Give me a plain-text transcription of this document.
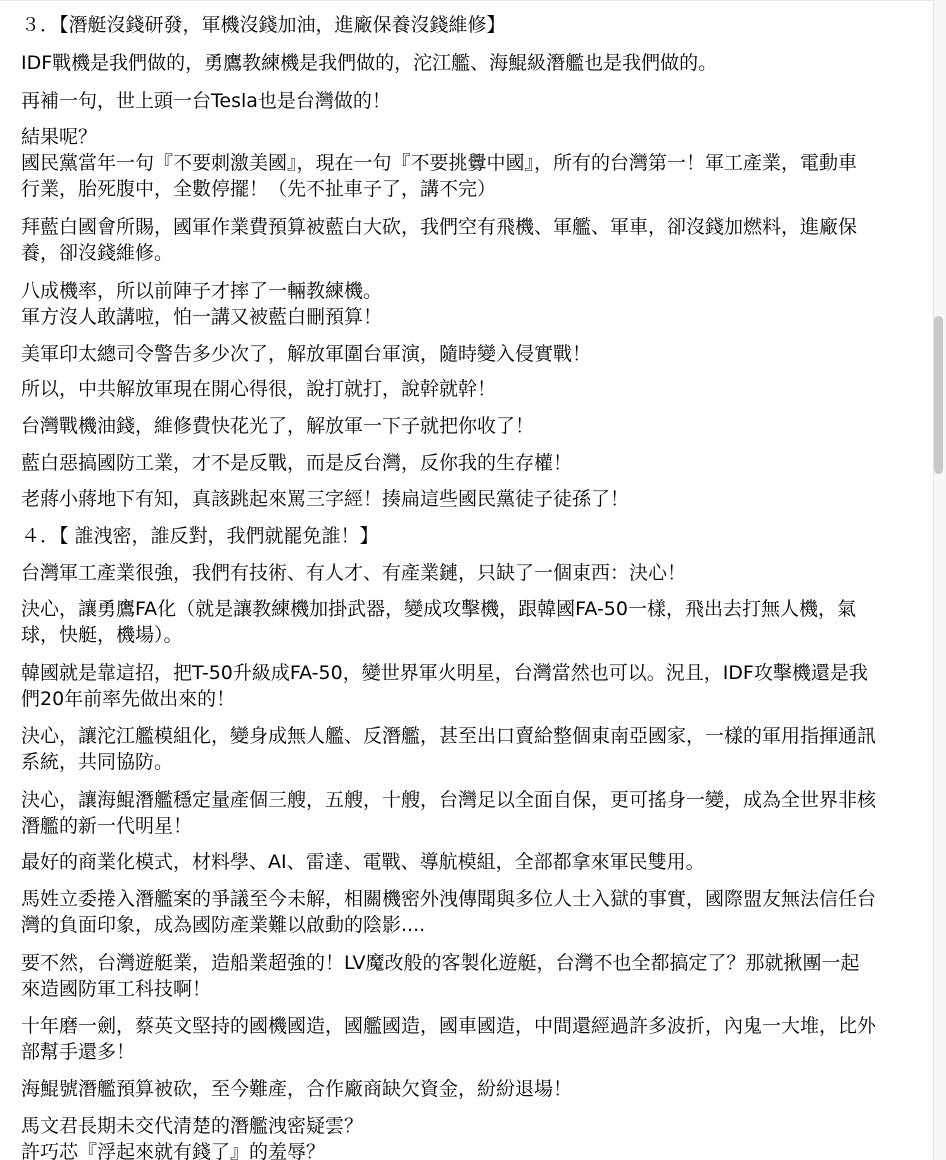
３．【潛艇沒錢研發，軍機沒錢加油，進廠保養沒錢維修】
IDF戰機是我們做的，勇鷹教練機是我們做的，沱江艦、海鯤級潛艦也是我們做的。
再補一句，世上頭一台Tesla也是台灣做的！
結果呢？
國民黨當年一句『不要刺激美國』，現在一句『不要挑釁中國』，所有的台灣第一！軍工產業，電動車
行業，胎死腹中，全數停擺！（先不扯車子了，講不完）
拜藍白國會所賜，國軍作業費預算被藍白大砍，我們空有飛機、軍艦、軍車，卻沒錢加燃料，進廠保
養，卻沒錢維修。
八成機率，所以前陣子才摔了一輛教練機。
軍方沒人敢講啦，怕一講又被藍白刪預算！
美軍印太總司令警告多少次了，解放軍圍台軍演，隨時變入侵實戰！
所以，中共解放軍現在開心得很，說打就打，說幹就幹！
台灣戰機油錢，維修費快花光了，解放軍一下子就把你收了！
藍白惡搞國防工業，才不是反戰，而是反台灣，反你我的生存權！
老蔣小蔣地下有知，真該跳起來罵三字經！揍扁這些國民黨徒子徒孫了！
４．【 誰洩密，誰反對，我們就罷免誰！】
台灣軍工產業很強，我們有技術、有人才、有產業鏈，只缺了一個東西：決心！
決心，讓勇鷹FA化（就是讓教練機加掛武器，變成攻擊機，跟韓國FA-50一樣，飛出去打無人機，氣
球，快艇，機場）。
韓國就是靠這招，把T-50升級成FA-50，變世界軍火明星，台灣當然也可以。況且，IDF攻擊機還是我
們20年前率先做出來的！
決心，讓沱江艦模組化，變身成無人艦、反潛艦，甚至出口賣給整個東南亞國家，一樣的軍用指揮通訊
系統，共同協防。
決心，讓海鯤潛艦穩定量產個三艘，五艘，十艘，台灣足以全面自保，更可搖身一變，成為全世界非核
潛艦的新一代明星！
最好的商業化模式，材料學、AI、雷達、電戰、導航模組，全部都拿來軍民雙用。
馬姓立委捲入潛艦案的爭議至今未解，相關機密外洩傳聞與多位人士入獄的事實，國際盟友無法信任台
灣的負面印象，成為國防產業難以啟動的陰影....
要不然，台灣遊艇業，造船業超強的！LV魔改般的客製化遊艇，台灣不也全都搞定了？那就揪團一起
來造國防軍工科技啊！
十年磨一劍，蔡英文堅持的國機國造，國艦國造，國車國造，中間還經過許多波折，內鬼一大堆，比外
部幫手還多！
海鯤號潛艦預算被砍，至今難產，合作廠商缺欠資金，紛紛退場！
馬文君長期未交代清楚的潛艦洩密疑雲？
許巧芯『浮起來就有錢了』的羞辱？
